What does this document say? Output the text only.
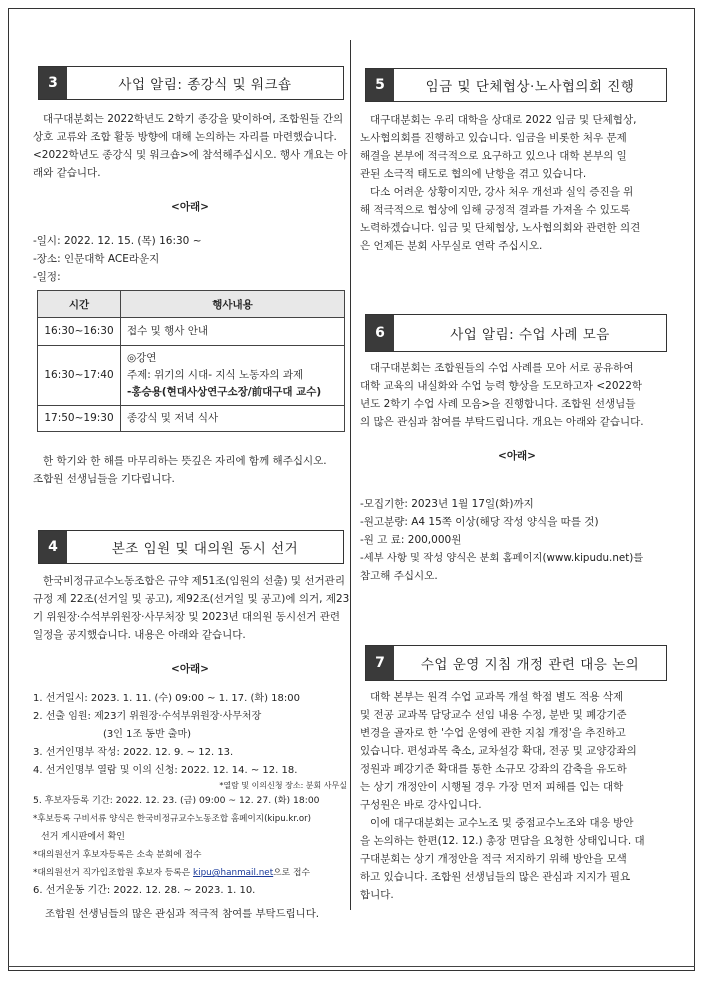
3	사업 알림: 종강식 및 워크숍

대구대분회는 2022학년도 2학기 종강을 맞이하여, 조합원들 간의

상호 교류와 조합 활동 방향에 대해 논의하는 자리를 마련했습니다.

<2022학년도 종강식 및 워크숍>에 참석해주십시오. 행사 개요는 아

래와 같습니다.

<아래>

-일시: 2022. 12. 15. (목) 16:30 ~

-장소: 인문대학 ACE라운지

-일정:

시간	행사내용
16:30~16:30	접수 및 행사 안내
16:30~17:40	◎강연
주제: 위기의 시대- 지식 노동자의 과제
-홍승용(현대사상연구소장/前대구대 교수)

17:50~19:30	종강식 및 저녁 식사

한 학기와 한 해를 마무리하는 뜻깊은 자리에 함께 해주십시오.

조합원 선생님들을 기다립니다.

4	본조 임원 및 대의원 동시 선거

한국비정규교수노동조합은 규약 제51조(임원의 선출) 및 선거관리

규정 제 22조(선거일 및 공고), 제92조(선거일 및 공고)에 의거, 제23

기 위원장·수석부위원장·사무처장 및 2023년 대의원 동시선거 관련

일정을 공지했습니다. 내용은 아래와 같습니다.

<아래>

1. 선거일시: 2023. 1. 11. (수) 09:00 ~ 1. 17. (화) 18:00

2. 선출 임원: 제23기 위원장·수석부위원장·사무처장

(3인 1조 동반 출마)

3. 선거인명부 작성: 2022. 12. 9. ~ 12. 13.

4. 선거인명부 열람 및 이의 신청: 2022. 12. 14. ~ 12. 18.

*열람 및 이의신청 장소: 분회 사무실

5. 후보자등록 기간: 2022. 12. 23. (금) 09:00 ~ 12. 27. (화) 18:00

*후보등록 구비서류 양식은 한국비정규교수노동조합 홈페이지(kipu.kr.or)

선거 게시판에서 확인

*대의원선거 후보자등록은 소속 분회에 접수

*대의원선거 직가입조합원 후보자 등록은 kipu@hanmail.net으로 접수

6. 선거운동 기간: 2022. 12. 28. ~ 2023. 1. 10.

조합원 선생님들의 많은 관심과 적극적 참여를 부탁드립니다.

5	임금 및 단체협상·노사협의회 진행

대구대분회는 우리 대학을 상대로 2022 임금 및 단체협상,

노사협의회를 진행하고 있습니다. 임금을 비롯한 처우 문제

해결을 본부에 적극적으로 요구하고 있으나 대학 본부의 일

관된 소극적 태도로 협의에 난항을 겪고 있습니다.

다소 어려운 상황이지만, 강사 처우 개선과 실익 증진을 위

해 적극적으로 협상에 임해 긍정적 결과를 가져올 수 있도록

노력하겠습니다. 임금 및 단체협상, 노사협의회와 관련한 의견

은 언제든 분회 사무실로 연락 주십시오.

6	사업 알림: 수업 사례 모음

대구대분회는 조합원들의 수업 사례를 모아 서로 공유하여

대학 교육의 내실화와 수업 능력 향상을 도모하고자 <2022학

년도 2학기 수업 사례 모음>을 진행합니다. 조합원 선생님들

의 많은 관심과 참여를 부탁드립니다. 개요는 아래와 같습니다.

<아래>

-모집기한: 2023년 1월 17일(화)까지

-원고분량: A4 15쪽 이상(해당 작성 양식을 따를 것)

-원 고 료: 200,000원

-세부 사항 및 작성 양식은 분회 홈페이지(www.kipudu.net)를

참고해 주십시오.

7	수업 운영 지침 개정 관련 대응 논의

대학 본부는 원격 수업 교과목 개설 학점 별도 적용 삭제

및 전공 교과목 담당교수 선임 내용 수정, 분반 및 폐강기준

변경을 골자로 한 '수업 운영에 관한 지침 개정'을 추진하고

있습니다. 편성과목 축소, 교차설강 확대, 전공 및 교양강좌의

정원과 폐강기준 확대를 통한 소규모 강좌의 감축을 유도하

는 상기 개정안이 시행될 경우 가장 먼저 피해를 입는 대학

구성원은 바로 강사입니다.

이에 대구대분회는 교수노조 및 중점교수노조와 대응 방안

을 논의하는 한편(12. 12.) 총장 면담을 요청한 상태입니다. 대

구대분회는 상기 개정안을 적극 저지하기 위해 방안을 모색

하고 있습니다. 조합원 선생님들의 많은 관심과 지지가 필요

합니다.
